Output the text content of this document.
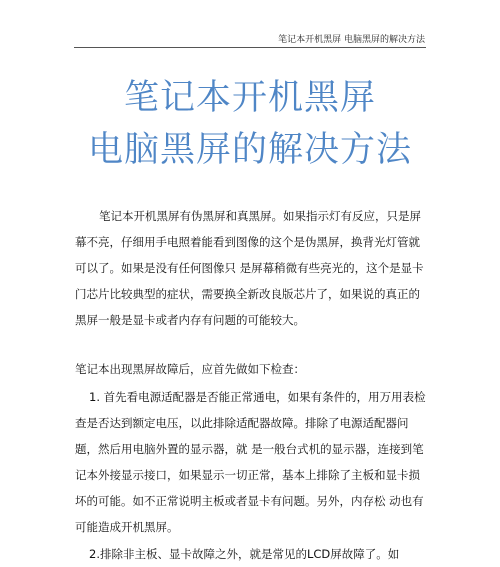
笔记本开机黑屏 电脑黑屏的解决方法
笔记本开机黑屏
电脑黑屏的解决方法
笔记本开机黑屏有伪黑屏和真黑屏。如果指示灯有反应，只是屏幕不亮，仔细用手电照着能看到图像的这个是伪黑屏，换背光灯管就可以了。如果是没有任何图像只 是屏幕稍微有些亮光的，这个是显卡门芯片比较典型的症状，需要换全新改良版芯片了，如果说的真正的黑屏一般是显卡或者内存有问题的可能较大。
笔记本出现黑屏故障后，应首先做如下检查：
1. 首先看电源适配器是否能正常通电，如果有条件的，用万用表检查是否达到额定电压，以此排除适配器故障。排除了电源适配器问题，然后用电脑外置的显示器，就 是一般台式机的显示器，连接到笔记本外接显示接口，如果显示一切正常，基本上排除了主板和显卡损坏的可能。如不正常说明主板或者显卡有问题。另外，内存松 动也有可能造成开机黑屏。
2.排除非主板、显卡故障之外，就是常见的LCD屏故障了。如
